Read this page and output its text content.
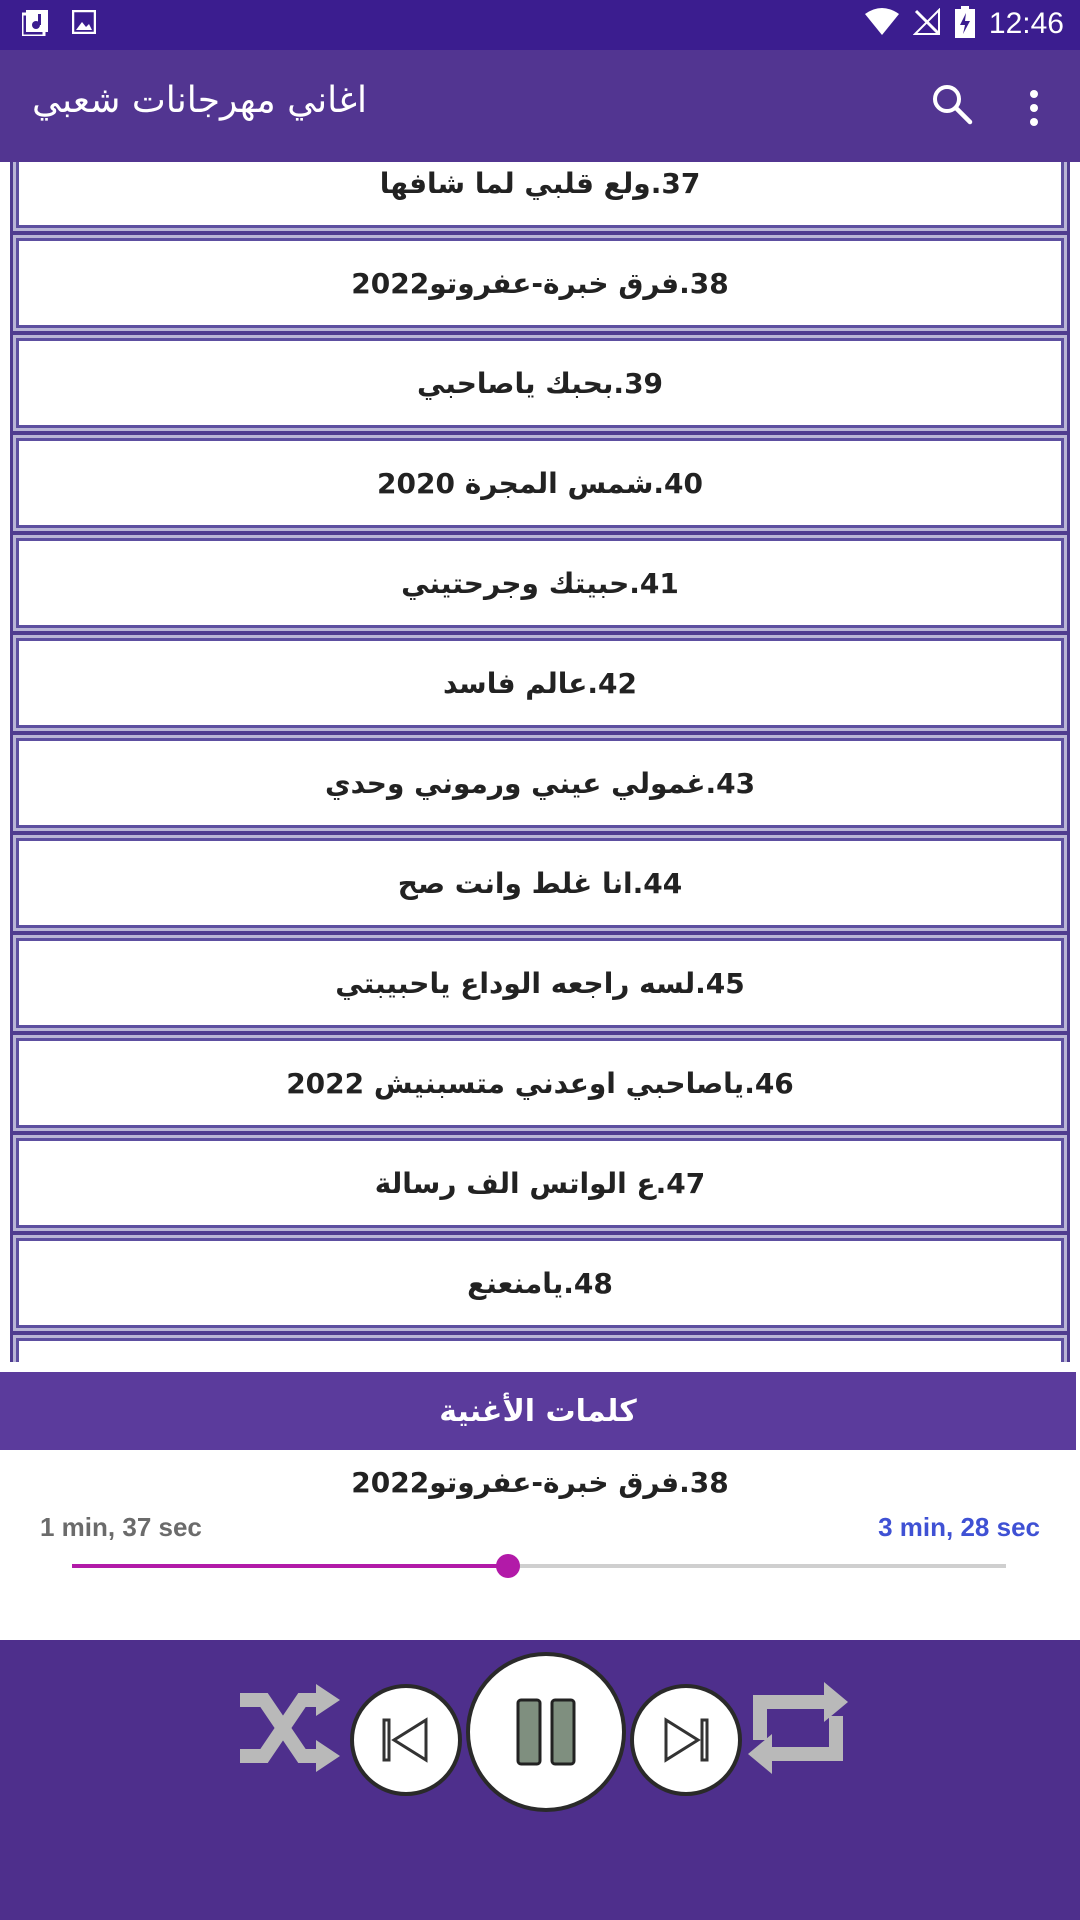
12:46
اغاني مهرجانات شعبي
37.ولع قلبي لما شافها
38.فرق خبرة-عفروتو2022
39.بحبك ياصاحبي
40.شمس المجرة 2020
41.حبيتك وجرحتيني
42.عالم فاسد
43.غمولي عيني ورموني وحدي
44.انا غلط وانت صح
45.لسه راجعه الوداع ياحبيبتي
46.ياصاحبي اوعدني متسبنيش 2022
47.ع الواتس الف رسالة
48.يامنعنع
كلمات الأغنية
38.فرق خبرة-عفروتو2022
1 min, 37 sec	3 min, 28 sec
